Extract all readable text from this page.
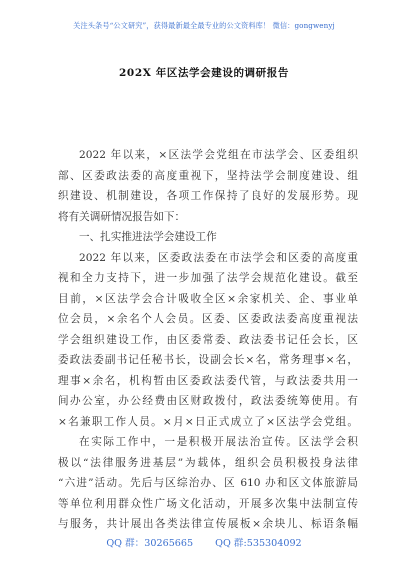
关注头条号“公文研究”，获得最新最全最专业的公文资料库！ 微信：gongwenyj
202X 年区法学会建设的调研报告
2022 年以来，×区法学会党组在市法学会、区委组织
部、区委政法委的高度重视下，坚持法学会制度建设、组
织建设、机制建设，各项工作保持了良好的发展形势。现
将有关调研情况报告如下：
一、扎实推进法学会建设工作
2022 年以来，区委政法委在市法学会和区委的高度重
视和全力支持下，进一步加强了法学会规范化建设。截至
目前，×区法学会合计吸收全区×余家机关、企、事业单
位会员，×余名个人会员。区委、区委政法委高度重视法
学会组织建设工作，由区委常委、政法委书记任会长，区
委政法委副书记任秘书长，设副会长×名，常务理事×名，
理事×余名，机构暂由区委政法委代管，与政法委共用一
间办公室，办公经费由区财政拨付，政法委统筹使用。有
×名兼职工作人员。×月×日正式成立了×区法学会党组。
在实际工作中，一是积极开展法治宣传。区法学会积
极以“法律服务进基层”为载体，组织会员积极投身法律
“六进”活动。先后与区综治办、区 610 办和区文体旅游局
等单位利用群众性广场文化活动，开展多次集中法制宣传
与服务，共计展出各类法律宣传展板×余块儿、标语条幅
QQ 群：30265665 QQ 群:535304092
